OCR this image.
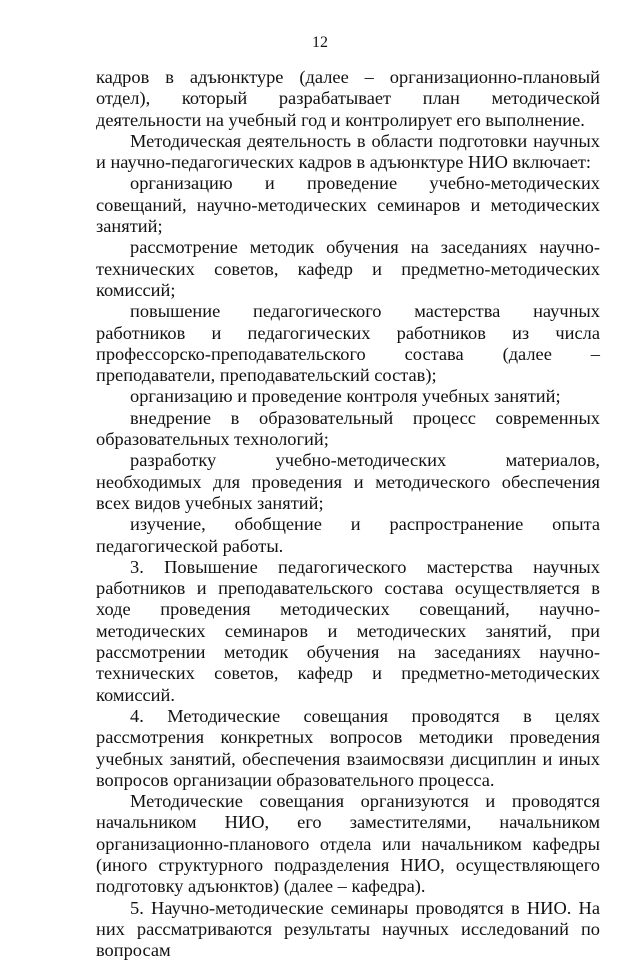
12

кадров в адъюнктуре (далее – организационно-плановый отдел), который разрабатывает план методической деятельности на учебный год и контролирует его выполнение.

Методическая деятельность в области подготовки научных и научно-педагогических кадров в адъюнктуре НИО включает:

организацию и проведение учебно-методических совещаний, научно-методических семинаров и методических занятий;

рассмотрение методик обучения на заседаниях научно-технических советов, кафедр и предметно-методических комиссий;

повышение педагогического мастерства научных работников и педагогических работников из числа профессорско-преподавательского состава (далее – преподаватели, преподавательский состав);

организацию и проведение контроля учебных занятий;

внедрение в образовательный процесс современных образовательных технологий;

разработку учебно-методических материалов, необходимых для проведения и методического обеспечения всех видов учебных занятий;

изучение, обобщение и распространение опыта педагогической работы.

3. Повышение педагогического мастерства научных работников и преподавательского состава осуществляется в ходе проведения методических совещаний, научно-методических семинаров и методических занятий, при рассмотрении методик обучения на заседаниях научно-технических советов, кафедр и предметно-методических комиссий.

4. Методические совещания проводятся в целях рассмотрения конкретных вопросов методики проведения учебных занятий, обеспечения взаимосвязи дисциплин и иных вопросов организации образовательного процесса.

Методические совещания организуются и проводятся начальником НИО, его заместителями, начальником организационно-планового отдела или начальником кафедры (иного структурного подразделения НИО, осуществляющего подготовку адъюнктов) (далее – кафедра).

5. Научно-методические семинары проводятся в НИО. На них рассматриваются результаты научных исследований по вопросам
